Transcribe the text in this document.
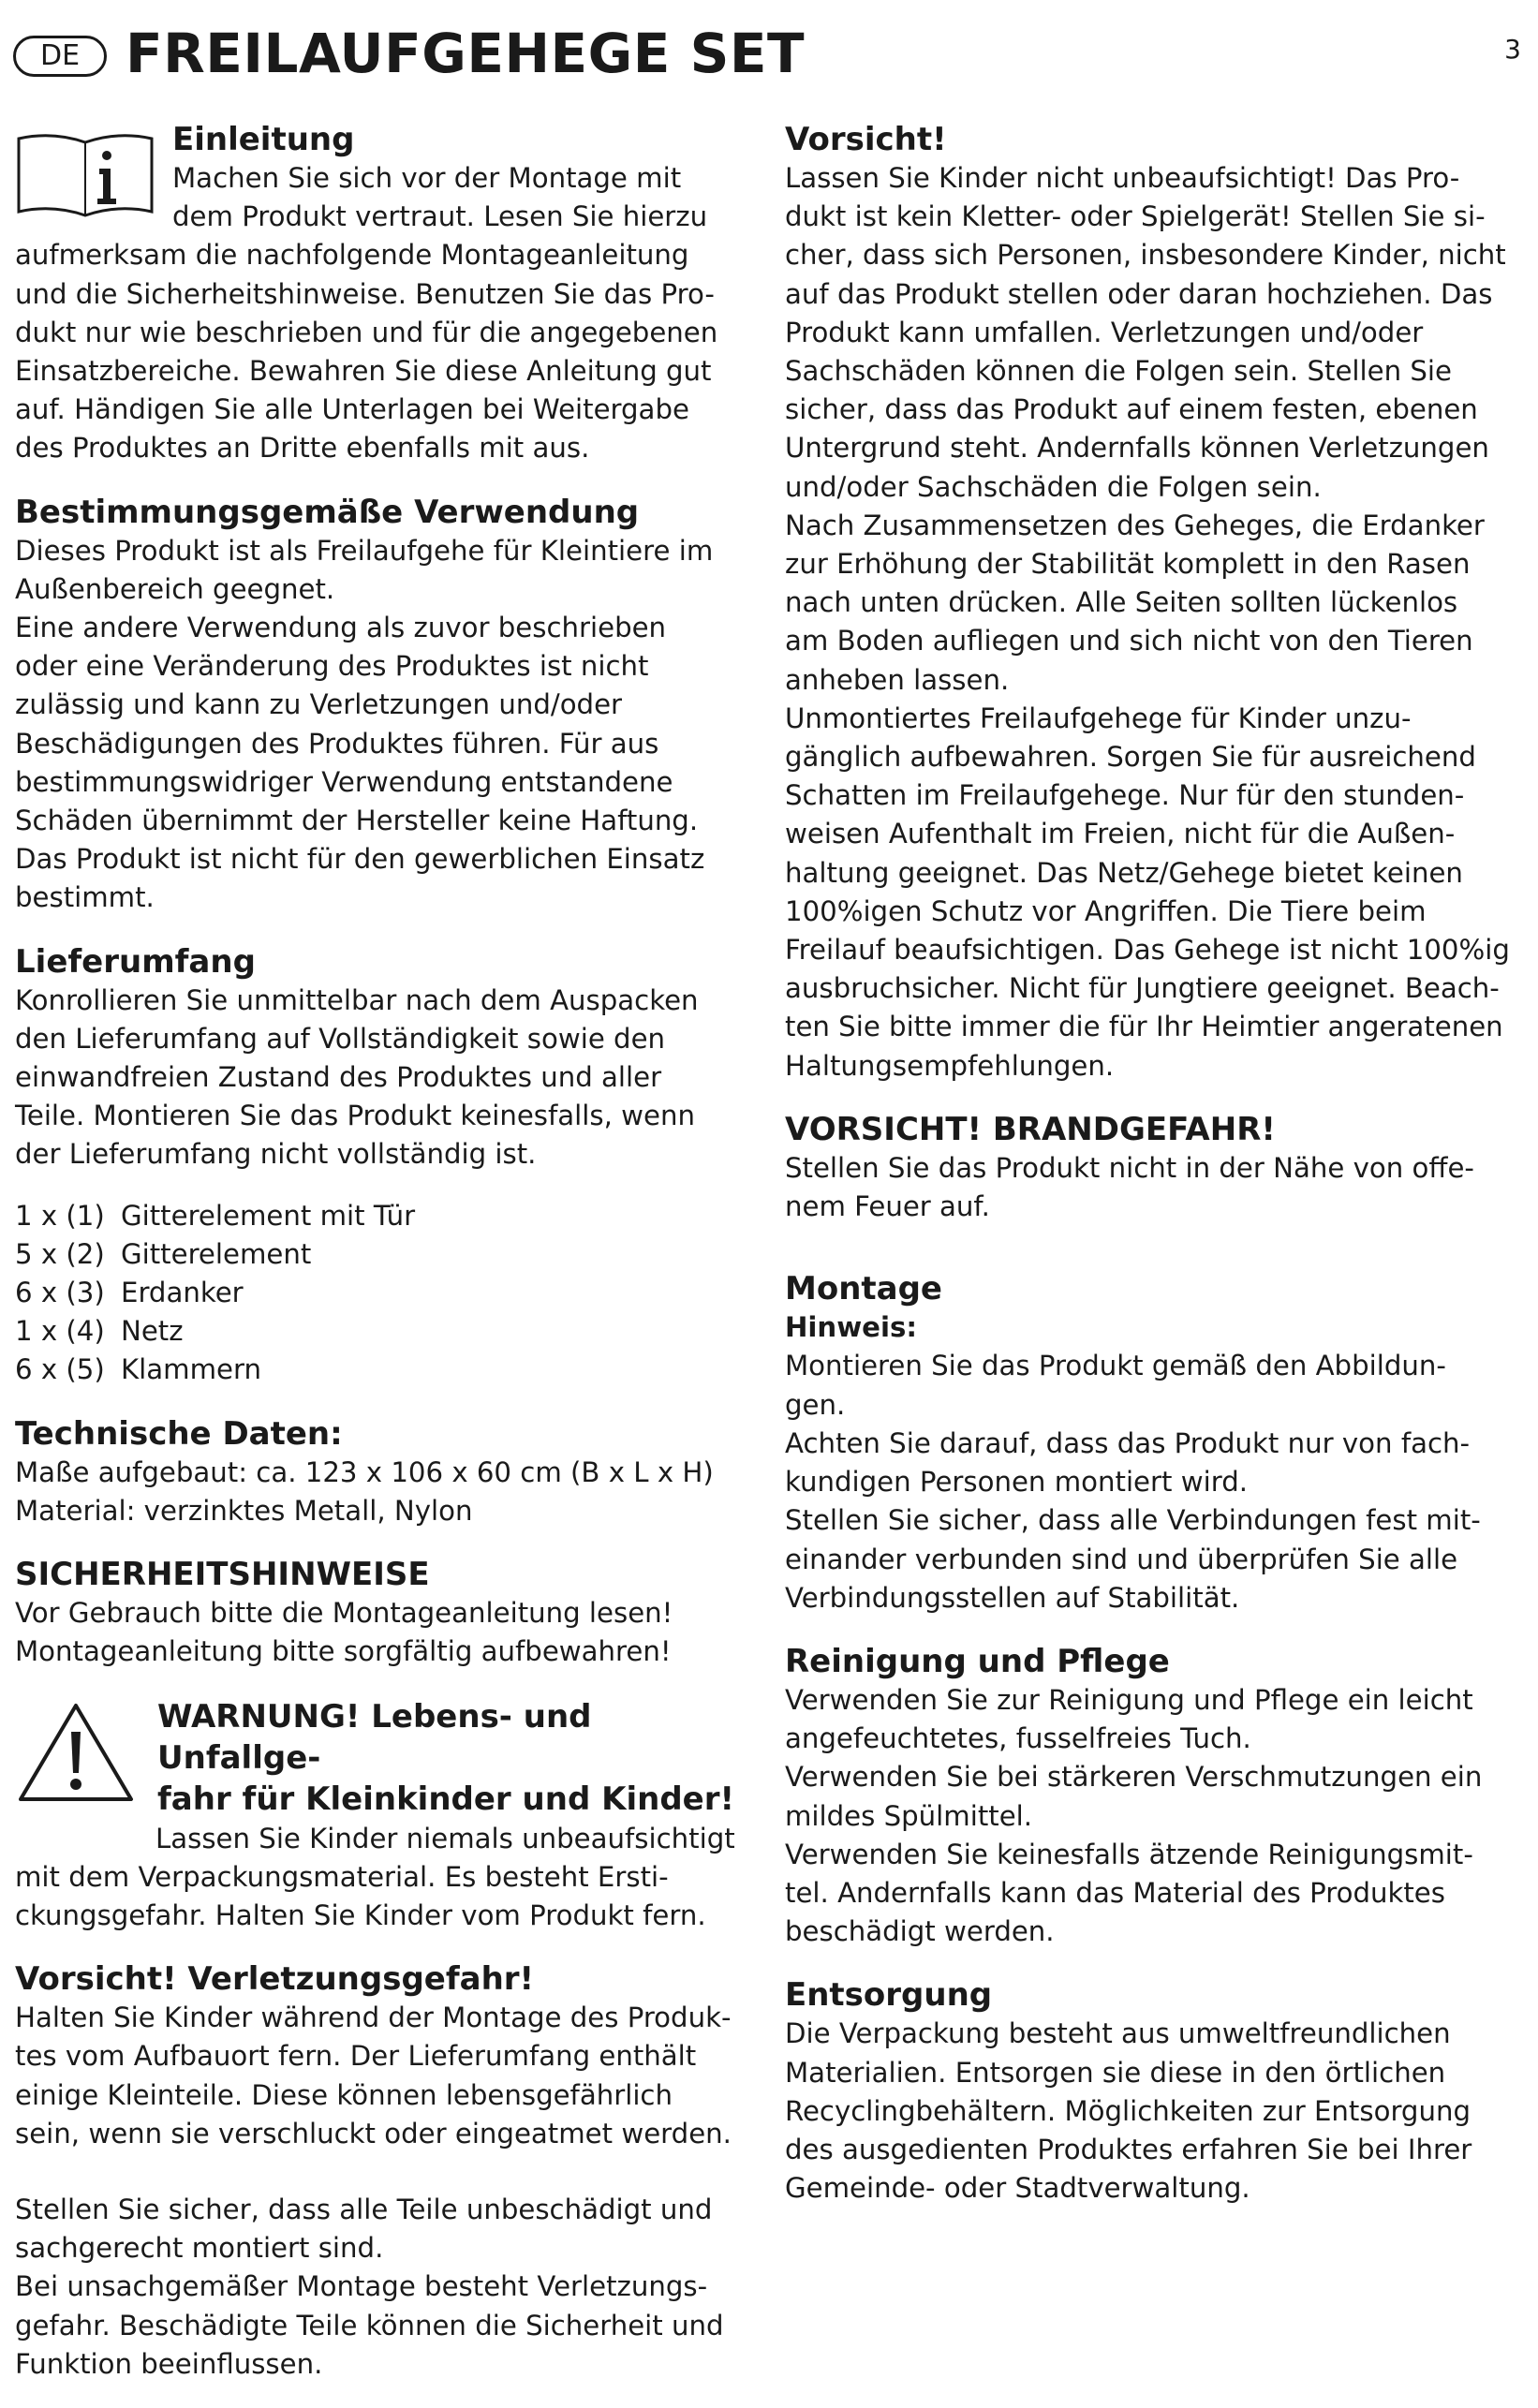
DE FREILAUFGEHEGE SET	3

Einleitung

Machen Sie sich vor der Montage mit

dem Produkt vertraut. Lesen Sie hierzu

aufmerksam die nachfolgende Montageanleitung

und die Sicherheitshinweise. Benutzen Sie das Pro-

dukt nur wie beschrieben und für die angegebenen

Einsatzbereiche. Bewahren Sie diese Anleitung gut

auf. Händigen Sie alle Unterlagen bei Weitergabe

des Produktes an Dritte ebenfalls mit aus.

Bestimmungsgemäße Verwendung

Dieses Produkt ist als Freilaufgehe für Kleintiere im

Außenbereich geegnet.

Eine andere Verwendung als zuvor beschrieben

oder eine Veränderung des Produktes ist nicht

zulässig und kann zu Verletzungen und/oder

Beschädigungen des Produktes führen. Für aus

bestimmungswidriger Verwendung entstandene

Schäden übernimmt der Hersteller keine Haftung.

Das Produkt ist nicht für den gewerblichen Einsatz

bestimmt.

Lieferumfang

Konrollieren Sie unmittelbar nach dem Auspacken

den Lieferumfang auf Vollständigkeit sowie den

einwandfreien Zustand des Produktes und aller

Teile. Montieren Sie das Produkt keinesfalls, wenn

der Lieferumfang nicht vollständig ist.

1 x (1) Gitterelement mit Tür
5 x (2) Gitterelement
6 x (3) Erdanker
1 x (4) Netz
6 x (5) Klammern

Technische Daten:

Maße aufgebaut: ca. 123 x 106 x 60 cm (B x L x H)

Material: verzinktes Metall, Nylon

SICHERHEITSHINWEISE

Vor Gebrauch bitte die Montageanleitung lesen!

Montageanleitung bitte sorgfältig aufbewahren!

WARNUNG! Lebens- und Unfallge-

fahr für Kleinkinder und Kinder!

Lassen Sie Kinder niemals unbeaufsichtigt

mit dem Verpackungsmaterial. Es besteht Ersti-

ckungsgefahr. Halten Sie Kinder vom Produkt fern.

Vorsicht! Verletzungsgefahr!

Halten Sie Kinder während der Montage des Produk-

tes vom Aufbauort fern. Der Lieferumfang enthält

einige Kleinteile. Diese können lebensgefährlich

sein, wenn sie verschluckt oder eingeatmet werden.

Stellen Sie sicher, dass alle Teile unbeschädigt und

sachgerecht montiert sind.

Bei unsachgemäßer Montage besteht Verletzungs-

gefahr. Beschädigte Teile können die Sicherheit und

Funktion beeinflussen.

Vorsicht!

Lassen Sie Kinder nicht unbeaufsichtigt! Das Pro-

dukt ist kein Kletter- oder Spielgerät! Stellen Sie si-

cher, dass sich Personen, insbesondere Kinder, nicht

auf das Produkt stellen oder daran hochziehen. Das

Produkt kann umfallen. Verletzungen und/oder

Sachschäden können die Folgen sein. Stellen Sie

sicher, dass das Produkt auf einem festen, ebenen

Untergrund steht. Andernfalls können Verletzungen

und/oder Sachschäden die Folgen sein.

Nach Zusammensetzen des Geheges, die Erdanker

zur Erhöhung der Stabilität komplett in den Rasen

nach unten drücken. Alle Seiten sollten lückenlos

am Boden aufliegen und sich nicht von den Tieren

anheben lassen.

Unmontiertes Freilaufgehege für Kinder unzu-

gänglich aufbewahren. Sorgen Sie für ausreichend

Schatten im Freilaufgehege. Nur für den stunden-

weisen Aufenthalt im Freien, nicht für die Außen-

haltung geeignet. Das Netz/Gehege bietet keinen

100%igen Schutz vor Angriffen. Die Tiere beim

Freilauf beaufsichtigen. Das Gehege ist nicht 100%ig

ausbruchsicher. Nicht für Jungtiere geeignet. Beach-

ten Sie bitte immer die für Ihr Heimtier angeratenen

Haltungsempfehlungen.

VORSICHT! BRANDGEFAHR!

Stellen Sie das Produkt nicht in der Nähe von offe-

nem Feuer auf.

Montage

Hinweis:

Montieren Sie das Produkt gemäß den Abbildun-

gen.

Achten Sie darauf, dass das Produkt nur von fach-

kundigen Personen montiert wird.

Stellen Sie sicher, dass alle Verbindungen fest mit-

einander verbunden sind und überprüfen Sie alle

Verbindungsstellen auf Stabilität.

Reinigung und Pflege

Verwenden Sie zur Reinigung und Pflege ein leicht

angefeuchtetes, fusselfreies Tuch.

Verwenden Sie bei stärkeren Verschmutzungen ein

mildes Spülmittel.

Verwenden Sie keinesfalls ätzende Reinigungsmit-

tel. Andernfalls kann das Material des Produktes

beschädigt werden.

Entsorgung

Die Verpackung besteht aus umweltfreundlichen

Materialien. Entsorgen sie diese in den örtlichen

Recyclingbehältern. Möglichkeiten zur Entsorgung

des ausgedienten Produktes erfahren Sie bei Ihrer

Gemeinde- oder Stadtverwaltung.
